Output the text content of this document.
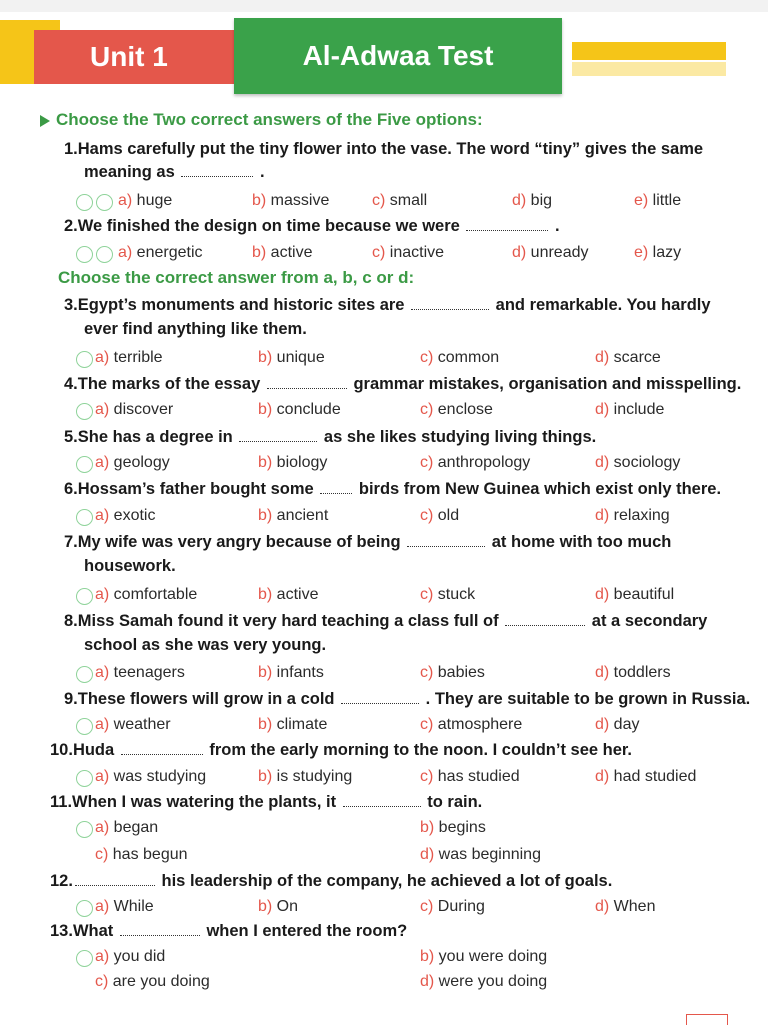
Unit 1	Al-Adwaa Test
Choose the Two correct answers of the Five options:
Choose the correct answer from a, b, c or d:
1.Hams carefully put the tiny flower into the vase. The word “tiny” gives the same
meaning as	.
a) huge	b) massive	c) small	d) big	e) little
2.We finished the design on time because we were	.
a) energetic	b) active	c) inactive	d) unready	e) lazy
3.Egypt’s monuments and historic sites are	and remarkable. You hardly
ever find anything like them.
a) terrible	b) unique	c) common	d) scarce
4.The marks of the essay	grammar mistakes, organisation and misspelling.
a) discover	b) conclude	c) enclose	d) include
5.She has a degree in	as she likes studying living things.
a) geology	b) biology	c) anthropology	d) sociology
6.Hossam’s father bought some  birds from New Guinea which exist only there.
a) exotic	b) ancient	c) old	d) relaxing
7.My wife was very angry because of being	at home with too much
housework.
a) comfortable	b) active	c) stuck	d) beautiful
8.Miss Samah found it very hard teaching a class full of	at a secondary
school as she was very young.
a) teenagers	b) infants	c) babies	d) toddlers
9.These flowers will grow in a cold	. They are suitable to be grown in Russia.
a) weather	b) climate	c) atmosphere	d) day
10.Huda	from the early morning to the noon. I couldn’t see her.
a) was studying	b) is studying	c) has studied	d) had studied
11.When I was watering the plants, it	to rain.
a) began	b) begins
c) has begun	d) was beginning
12.	his leadership of the company, he achieved a lot of goals.
a) While	b) On	c) During	d) When
13.What	when I entered the room?
a) you did	b) you were doing
c) are you doing	d) were you doing
